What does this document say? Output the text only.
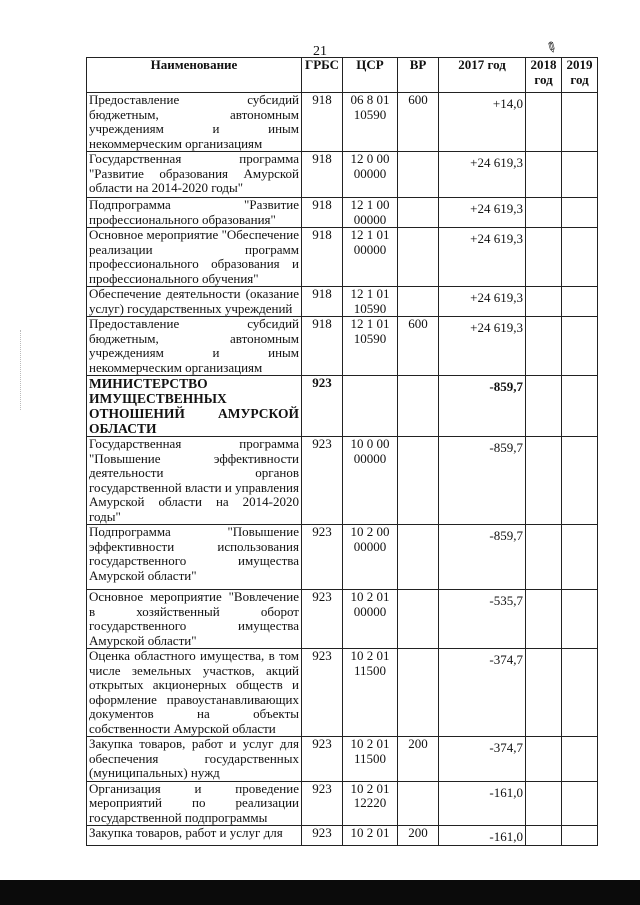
21	✎
Наименование	ГРБС	ЦСР	ВР	2017 год	2018 год	2019 год
Предоставление субсидий бюджетным, автономным учреждениям и иным некоммерческим организациям	918	06 8 01 10590	600	+14,0		
Государственная программа "Развитие образования Амурской области на 2014-2020 годы"	918	12 0 00 00000		+24 619,3		
Подпрограмма "Развитие профессионального образования"	918	12 1 00 00000		+24 619,3		
Основное мероприятие "Обеспечение реализации программ профессионального образования и профессионального обучения"	918	12 1 01 00000		+24 619,3		
Обеспечение деятельности (оказание услуг) государственных учреждений	918	12 1 01 10590		+24 619,3		
Предоставление субсидий бюджетным, автономным учреждениям и иным некоммерческим организациям	918	12 1 01 10590	600	+24 619,3		
МИНИСТЕРСТВО ИМУЩЕСТВЕННЫХ ОТНОШЕНИЙ АМУРСКОЙ ОБЛАСТИ	923			-859,7		
Государственная программа "Повышение эффективности деятельности органов государственной власти и управления Амурской области на 2014-2020 годы"	923	10 0 00 00000		-859,7		
Подпрограмма "Повышение эффективности использования государственного имущества Амурской области"	923	10 2 00 00000		-859,7		
Основное мероприятие "Вовлечение в хозяйственный оборот государственного имущества Амурской области"	923	10 2 01 00000		-535,7		
Оценка областного имущества, в том числе земельных участков, акций открытых акционерных обществ и оформление правоустанавливающих документов на объекты собственности Амурской области	923	10 2 01 11500		-374,7		
Закупка товаров, работ и услуг для обеспечения государственных (муниципальных) нужд	923	10 2 01 11500	200	-374,7		
Организация и проведение мероприятий по реализации государственной подпрограммы	923	10 2 01 12220		-161,0		
Закупка товаров, работ и услуг для	923	10 2 01	200	-161,0		
